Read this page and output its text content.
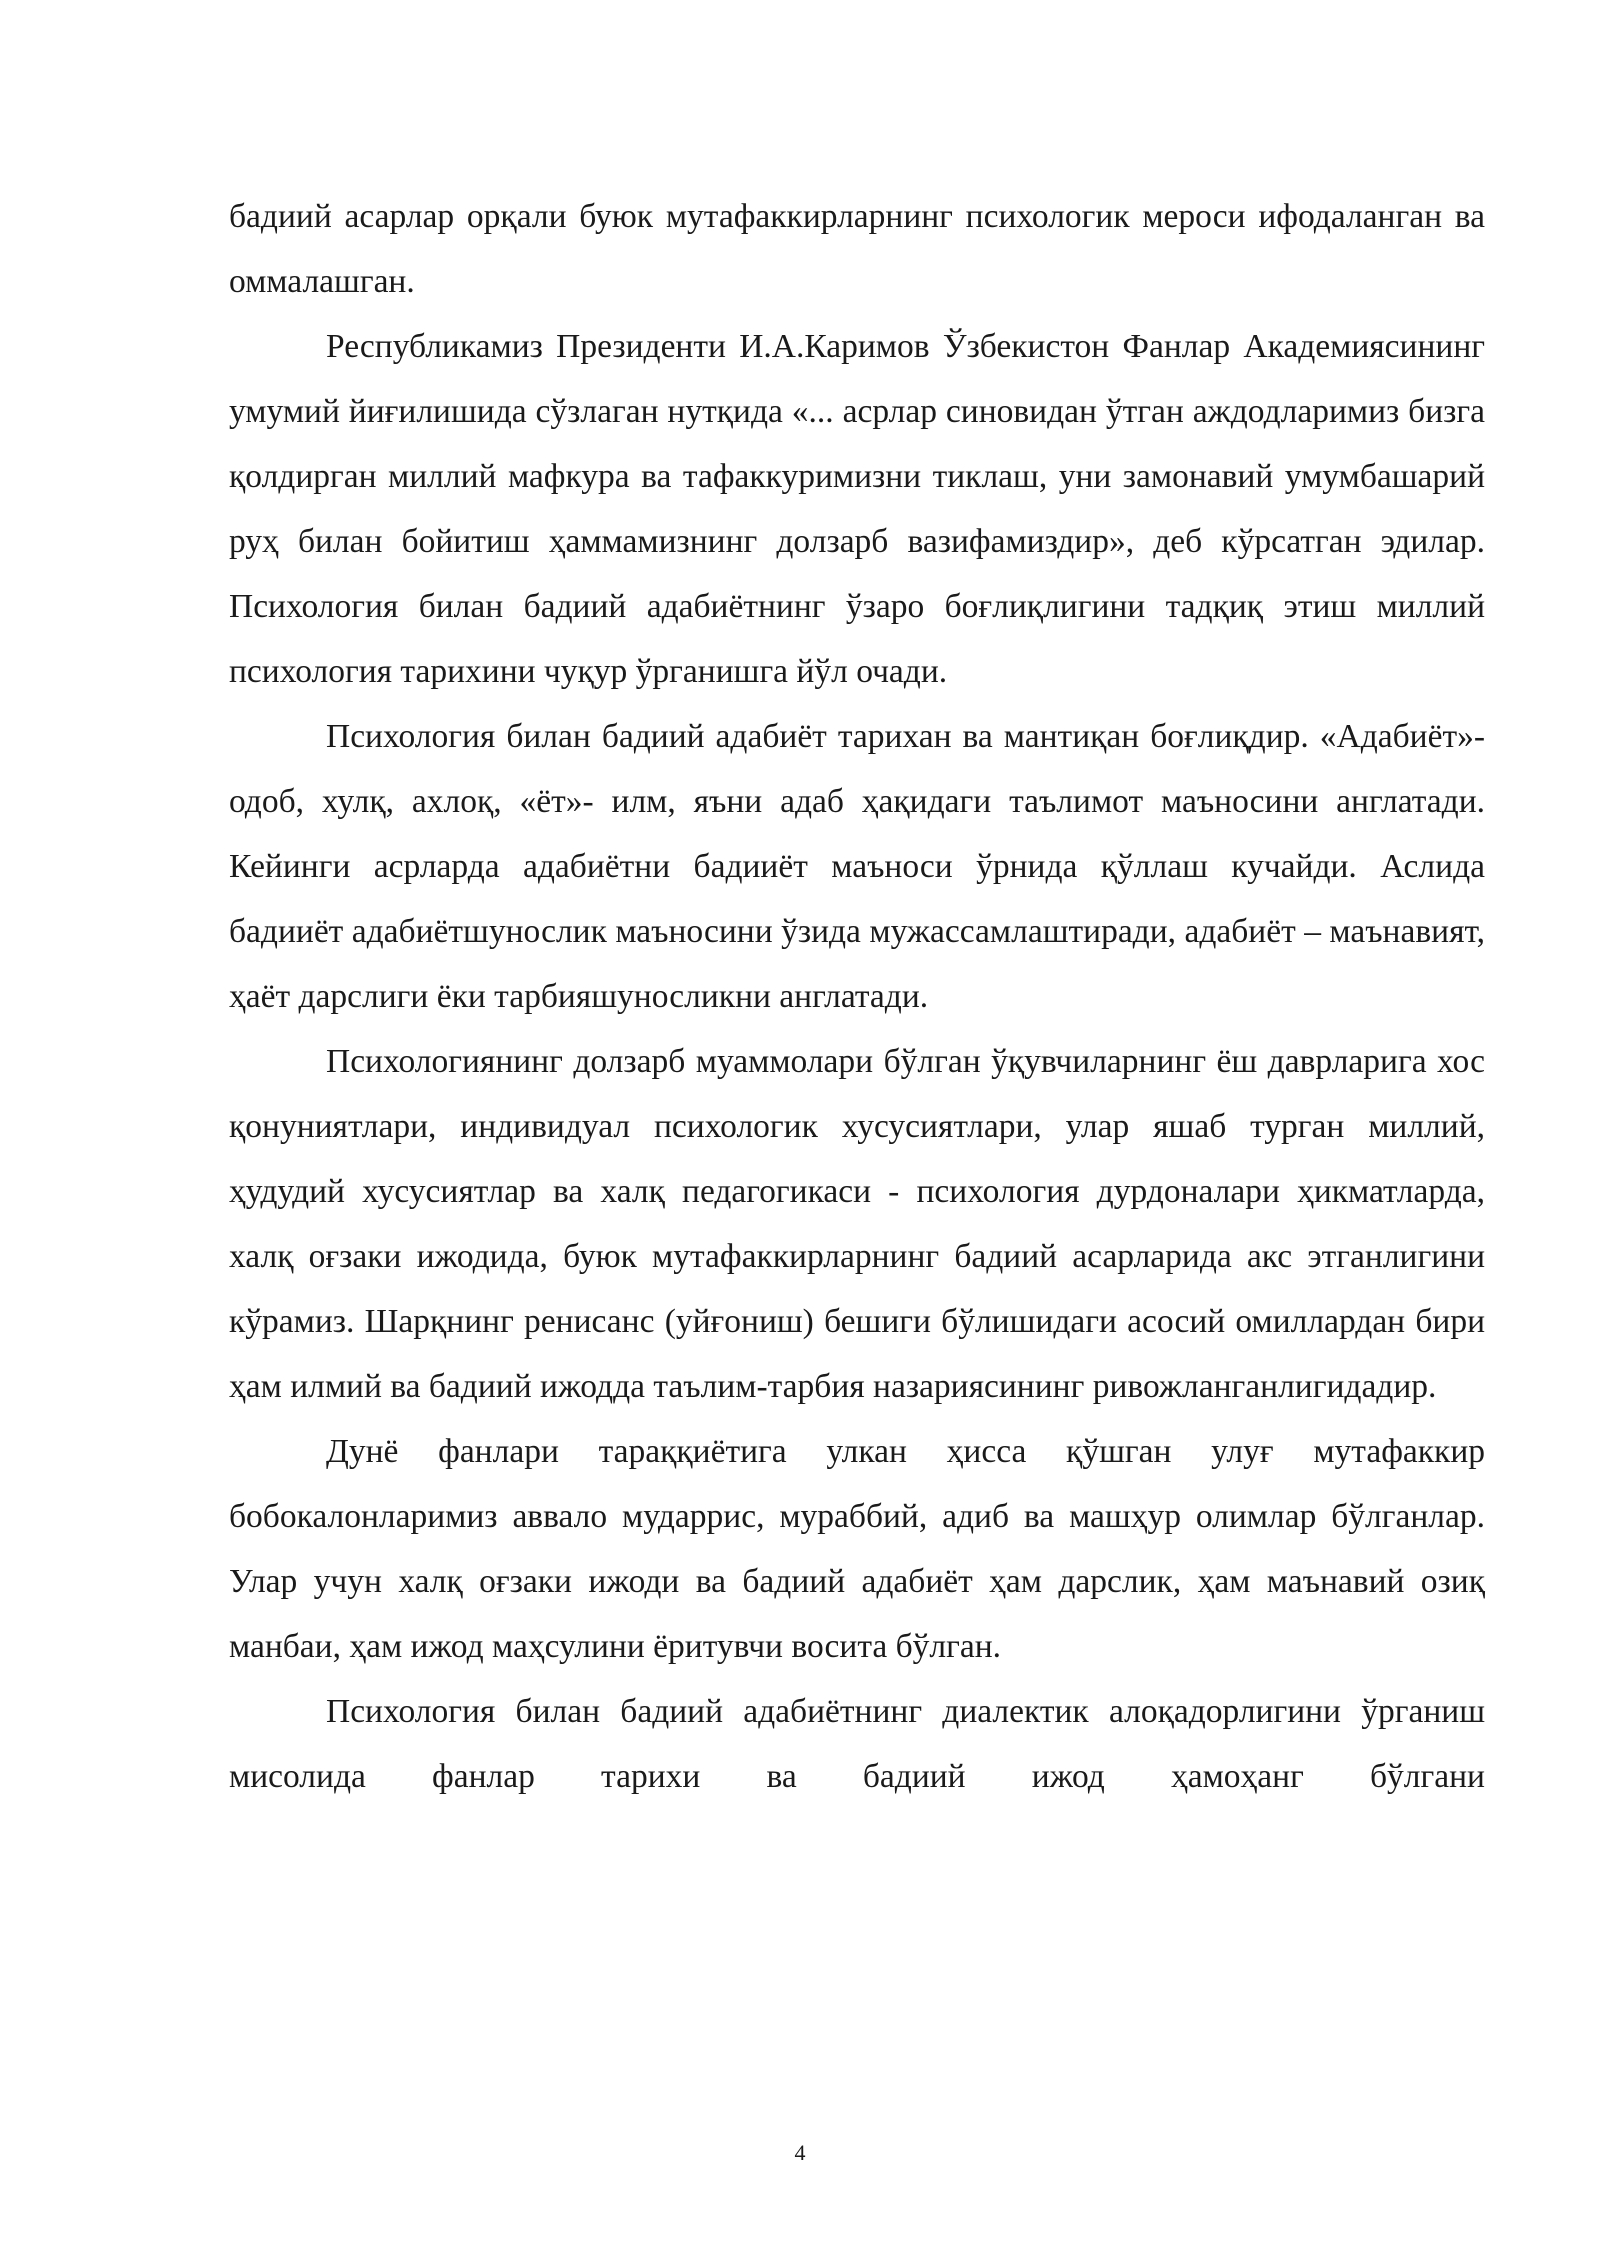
бадиий асарлар орқали буюк мутафаккирларнинг психологик мероси ифодаланган ва оммалашган.

Республикамиз Президенти И.А.Каримов Ўзбекистон Фанлар Академиясининг умумий йиғилишида сўзлаган нутқида «... асрлар синовидан ўтган аждодларимиз бизга қолдирган миллий мафкура ва тафаккуримизни тиклаш, уни замонавий умумбашарий руҳ билан бойитиш ҳаммамизнинг долзарб вазифамиздир», деб кўрсатган эдилар. Психология билан бадиий адабиётнинг ўзаро боғлиқлигини тадқиқ этиш миллий психология тарихини чуқур ўрганишга йўл очади.

Психология билан бадиий адабиёт тарихан ва мантиқан боғлиқдир. «Адабиёт»- одоб, хулқ, ахлоқ, «ёт»- илм, яъни адаб ҳақидаги таълимот маъносини англатади. Кейинги асрларда адабиётни бадииёт маъноси ўрнида қўллаш кучайди. Аслида бадииёт адабиётшунослик маъносини ўзида мужассамлаштиради, адабиёт – маънавият, ҳаёт дарслиги ёки тарбияшуносликни англатади.

Психологиянинг долзарб муаммолари бўлган ўқувчиларнинг ёш даврларига хос қонуниятлари, индивидуал психологик хусусиятлари, улар яшаб турган миллий, ҳудудий хусусиятлар ва халқ педагогикаси - психология дурдоналари ҳикматларда, халқ оғзаки ижодида, буюк мутафаккирларнинг бадиий асарларида акс этганлигини кўрамиз. Шарқнинг ренисанс (уйғониш) бешиги бўлишидаги асосий омиллардан бири ҳам илмий ва бадиий ижодда таълим-тарбия назариясининг ривожланганлигидадир.

Дунё фанлари тараққиётига улкан ҳисса қўшган улуғ мутафаккир бобокалонларимиз аввало мударрис, мураббий, адиб ва машҳур олимлар бўлганлар. Улар учун халқ оғзаки ижоди ва бадиий адабиёт ҳам дарслик, ҳам маънавий озиқ манбаи, ҳам ижод маҳсулини ёритувчи восита бўлган.

Психология билан бадиий адабиётнинг диалектик алоқадорлигини ўрганиш мисолида фанлар тарихи ва бадиий ижод ҳамоҳанг бўлгани

4
